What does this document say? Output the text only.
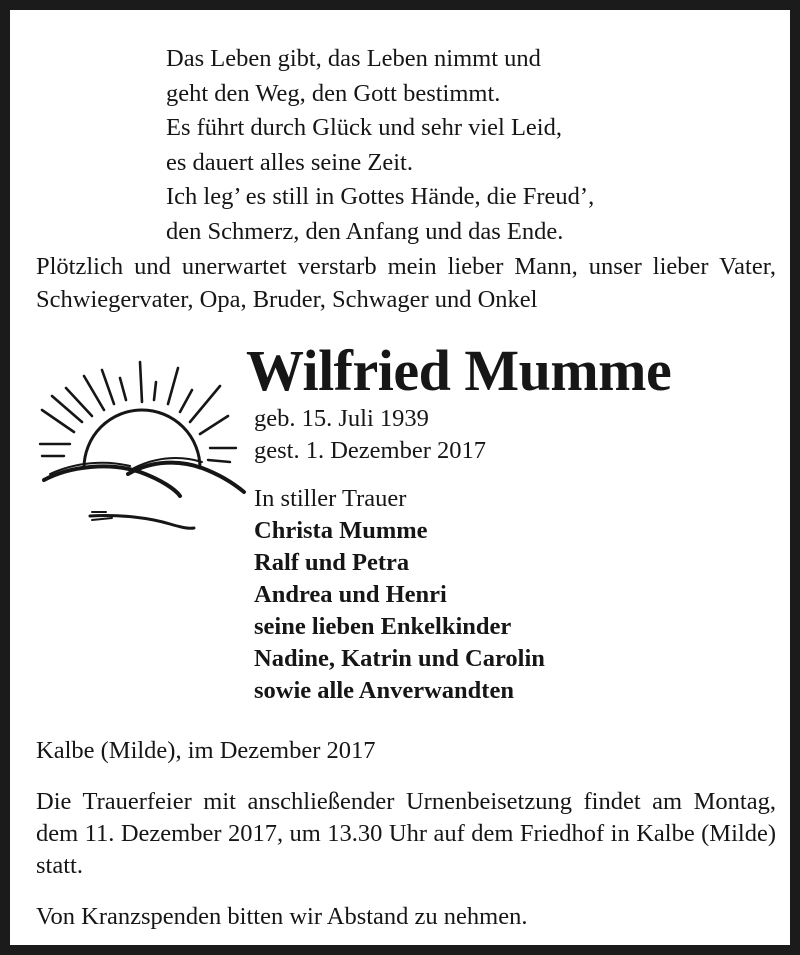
Das Leben gibt, das Leben nimmt und
geht den Weg, den Gott bestimmt.
Es führt durch Glück und sehr viel Leid,
es dauert alles seine Zeit.
Ich leg’ es still in Gottes Hände, die Freud’,
den Schmerz, den Anfang und das Ende.
Plötzlich und unerwartet verstarb mein lieber Mann, unser lieber Vater, Schwiegervater, Opa, Bruder, Schwager und Onkel
Wilfried Mumme
geb. 15. Juli 1939
gest. 1. Dezember 2017
In stiller Trauer
Christa Mumme
Ralf und Petra
Andrea und Henri
seine lieben Enkelkinder
Nadine, Katrin und Carolin
sowie alle Anverwandten
Kalbe (Milde), im Dezember 2017
Die Trauerfeier mit anschließender Urnenbeisetzung findet am Montag, dem 11. Dezember 2017, um 13.30 Uhr auf dem Friedhof in Kalbe (Milde) statt.
Von Kranzspenden bitten wir Abstand zu nehmen.
